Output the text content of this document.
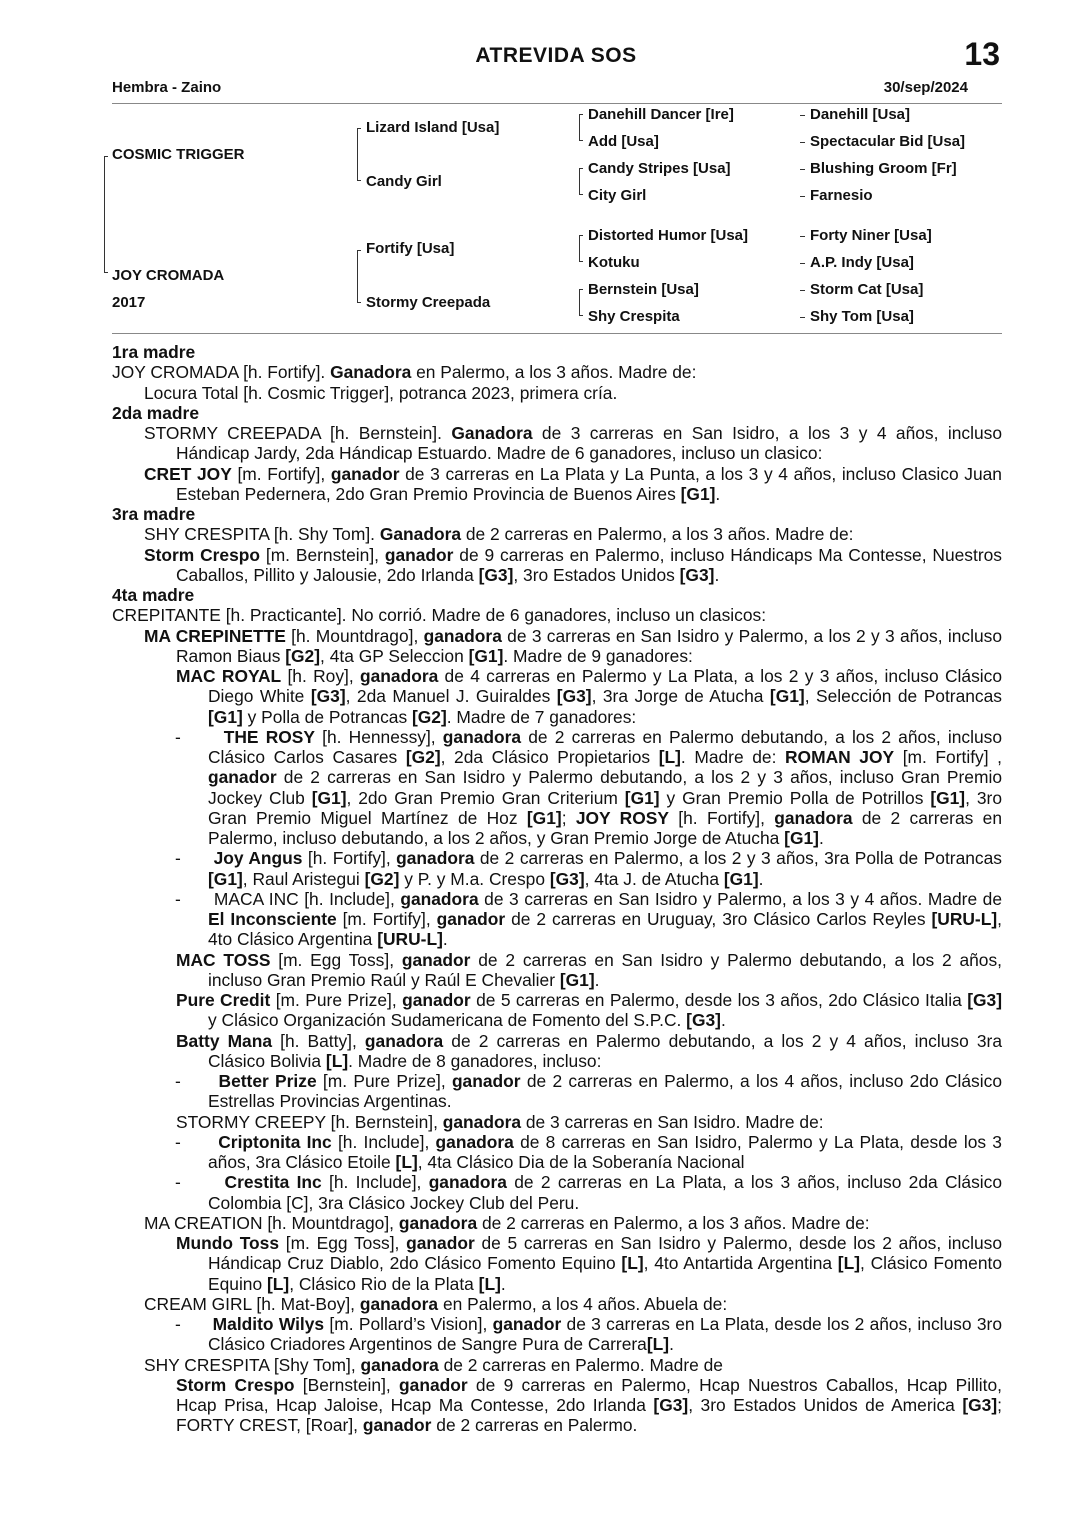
ATREVIDA SOS	13
Hembra - Zaino	30/sep/2024
COSMIC TRIGGER
JOY CROMADA
2017
Lizard Island [Usa]
Candy Girl
Fortify [Usa]
Stormy Creepada
Danehill Dancer [Ire]
Add [Usa]
Candy Stripes [Usa]
City Girl
Distorted Humor [Usa]
Kotuku
Bernstein [Usa]
Shy Crespita
Danehill [Usa]
Spectacular Bid [Usa]
Blushing Groom [Fr]
Farnesio
Forty Niner [Usa]
A.P. Indy [Usa]
Storm Cat [Usa]
Shy Tom [Usa]

1ra madre

JOY CROMADA [h. Fortify]. Ganadora en Palermo, a los 3 años. Madre de:

Locura Total [h. Cosmic Trigger], potranca 2023, primera cría.

2da madre

STORMY CREEPADA [h. Bernstein]. Ganadora de 3 carreras en San Isidro, a los 3 y 4 años, incluso Hándicap Jardy, 2da Hándicap Estuardo. Madre de 6 ganadores, incluso un clasico:

CRET JOY [m. Fortify], ganador de 3 carreras en La Plata y La Punta, a los 3 y 4 años, incluso Clasico Juan Esteban Pedernera, 2do Gran Premio Provincia de Buenos Aires [G1].

3ra madre

SHY CRESPITA [h. Shy Tom]. Ganadora de 2 carreras en Palermo, a los 3 años. Madre de:

Storm Crespo [m. Bernstein], ganador de 9 carreras en Palermo, incluso Hándicaps Ma Contesse, Nuestros Caballos, Pillito y Jalousie, 2do Irlanda [G3], 3ro Estados Unidos [G3].

4ta madre

CREPITANTE [h. Practicante]. No corrió. Madre de 6 ganadores, incluso un clasicos:

MA CREPINETTE [h. Mountdrago], ganadora de 3 carreras en San Isidro y Palermo, a los 2 y 3 años, incluso Ramon Biaus [G2], 4ta GP Seleccion [G1]. Madre de 9 ganadores:

MAC ROYAL [h. Roy], ganadora de 4 carreras en Palermo y La Plata, a los 2 y 3 años, incluso Clásico Diego White [G3], 2da Manuel J. Guiraldes [G3], 3ra Jorge de Atucha [G1], Selección de Potrancas [G1] y Polla de Potrancas [G2]. Madre de 7 ganadores:

-      THE ROSY [h. Hennessy], ganadora de 2 carreras en Palermo debutando, a los 2 años, incluso Clásico Carlos Casares [G2], 2da Clásico Propietarios [L]. Madre de: ROMAN JOY [m. Fortify] , ganador de 2 carreras en San Isidro y Palermo debutando, a los 2 y 3 años, incluso Gran Premio Jockey Club [G1], 2do Gran Premio Gran Criterium [G1] y Gran Premio Polla de Potrillos [G1], 3ro Gran Premio Miguel Martínez de Hoz [G1]; JOY ROSY [h. Fortify], ganadora de 2 carreras en Palermo, incluso debutando, a los 2 años, y Gran Premio Jorge de Atucha [G1].

-      Joy Angus [h. Fortify], ganadora de 2 carreras en Palermo, a los 2 y 3 años, 3ra Polla de Potrancas [G1], Raul Aristegui [G2] y P. y M.a. Crespo [G3], 4ta J. de Atucha [G1].

-      MACA INC [h. Include], ganadora de 3 carreras en San Isidro y Palermo, a los 3 y 4 años. Madre de El Inconsciente [m. Fortify], ganador de 2 carreras en Uruguay, 3ro Clásico Carlos Reyles [URU-L], 4to Clásico Argentina [URU-L].

MAC TOSS [m. Egg Toss], ganador de 2 carreras en San Isidro y Palermo debutando, a los 2 años, incluso Gran Premio Raúl y Raúl E Chevalier [G1].

Pure Credit [m. Pure Prize], ganador de 5 carreras en Palermo, desde los 3 años, 2do Clásico Italia [G3] y Clásico Organización Sudamericana de Fomento del S.P.C. [G3].

Batty Mana [h. Batty], ganadora de 2 carreras en Palermo debutando, a los 2 y 4 años, incluso 3ra Clásico Bolivia [L]. Madre de 8 ganadores, incluso:

-      Better Prize [m. Pure Prize], ganador de 2 carreras en Palermo, a los 4 años, incluso 2do Clásico Estrellas Provincias Argentinas.

STORMY CREEPY [h. Bernstein], ganadora de 3 carreras en San Isidro. Madre de:

-      Criptonita Inc [h. Include], ganadora de 8 carreras en San Isidro, Palermo y La Plata, desde los 3 años, 3ra Clásico Etoile [L], 4ta Clásico Dia de la Soberanía Nacional

-      Crestita Inc [h. Include], ganadora de 2 carreras en La Plata, a los 3 años, incluso 2da Clásico Colombia [C], 3ra Clásico Jockey Club del Peru.

MA CREATION [h. Mountdrago], ganadora de 2 carreras en Palermo, a los 3 años. Madre de:

Mundo Toss [m. Egg Toss], ganador de 5 carreras en San Isidro y Palermo, desde los 2 años, incluso Hándicap Cruz Diablo, 2do Clásico Fomento Equino [L], 4to Antartida Argentina [L], Clásico Fomento Equino [L], Clásico Rio de la Plata [L].

CREAM GIRL [h. Mat-Boy], ganadora en Palermo, a los 4 años. Abuela de:

-      Maldito Wilys [m. Pollard’s Vision], ganador de 3 carreras en La Plata, desde los 2 años, incluso 3ro Clásico Criadores Argentinos de Sangre Pura de Carrera[L].

SHY CRESPITA [Shy Tom], ganadora de 2 carreras en Palermo. Madre de

Storm Crespo [Bernstein], ganador de 9 carreras en Palermo, Hcap Nuestros Caballos, Hcap Pillito, Hcap Prisa, Hcap Jaloise, Hcap Ma Contesse, 2do Irlanda [G3], 3ro Estados Unidos de America [G3]; FORTY CREST, [Roar], ganador de 2 carreras en Palermo.
